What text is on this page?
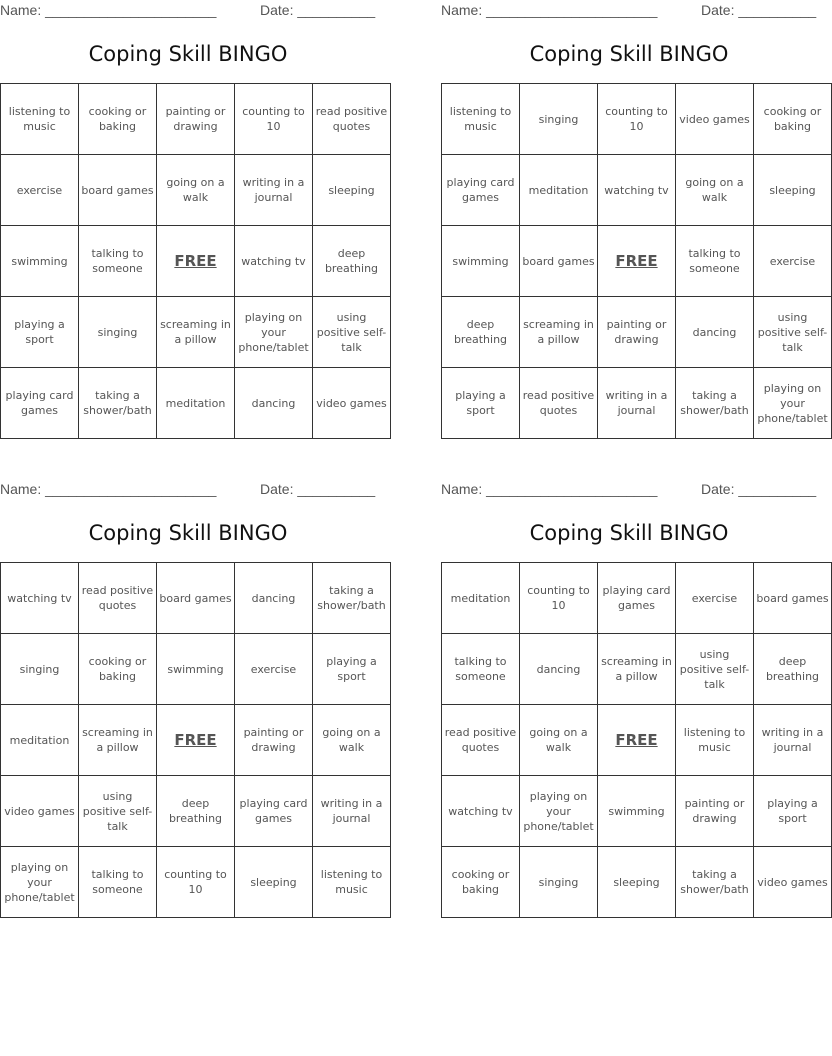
Name: ______________________	Date: __________
Coping Skill BINGO
listening to music	cooking or baking	painting or drawing	counting to 10	read positive quotes
exercise	board games	going on a walk	writing in a journal	sleeping
swimming	talking to someone	FREE	watching tv	deep breathing
playing a sport	singing	screaming in a pillow	playing on your phone/tablet	using positive self-talk
playing card games	taking a shower/bath	meditation	dancing	video games
Name: ______________________	Date: __________
Coping Skill BINGO
listening to music	singing	counting to 10	video games	cooking or baking
playing card games	meditation	watching tv	going on a walk	sleeping
swimming	board games	FREE	talking to someone	exercise
deep breathing	screaming in a pillow	painting or drawing	dancing	using positive self-talk
playing a sport	read positive quotes	writing in a journal	taking a shower/bath	playing on your phone/tablet
Name: ______________________	Date: __________
Coping Skill BINGO
watching tv	read positive quotes	board games	dancing	taking a shower/bath
singing	cooking or baking	swimming	exercise	playing a sport
meditation	screaming in a pillow	FREE	painting or drawing	going on a walk
video games	using positive self-talk	deep breathing	playing card games	writing in a journal
playing on your phone/tablet	talking to someone	counting to 10	sleeping	listening to music
Name: ______________________	Date: __________
Coping Skill BINGO
meditation	counting to 10	playing card games	exercise	board games
talking to someone	dancing	screaming in a pillow	using positive self-talk	deep breathing
read positive quotes	going on a walk	FREE	listening to music	writing in a journal
watching tv	playing on your phone/tablet	swimming	painting or drawing	playing a sport
cooking or baking	singing	sleeping	taking a shower/bath	video games
